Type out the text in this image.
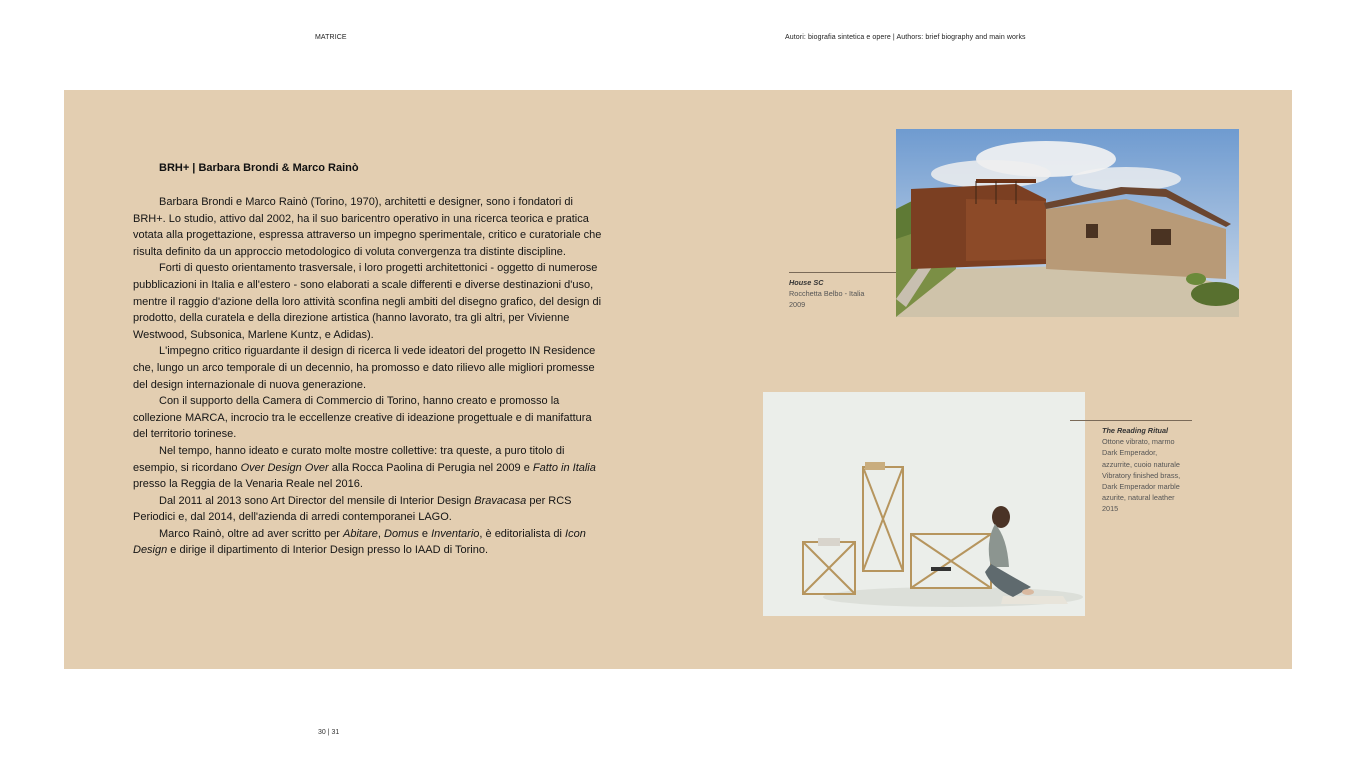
MATRICE	Autori: biografia sintetica e opere | Authors: brief biography and main works
BRH+ | Barbara Brondi & Marco Rainò

Barbara Brondi e Marco Rainò (Torino, 1970), architetti e designer, sono i fondatori di BRH+. Lo studio, attivo dal 2002, ha il suo baricentro operativo in una ricerca teorica e pratica votata alla progettazione, espressa attraverso un impegno sperimentale, critico e curatoriale che risulta definito da un approccio metodologico di voluta convergenza tra distinte discipline.

Forti di questo orientamento trasversale, i loro progetti architettonici - oggetto di numerose pubblicazioni in Italia e all'estero - sono elaborati a scale differenti e diverse destinazioni d'uso, mentre il raggio d'azione della loro attività sconfina negli ambiti del disegno grafico, del design di prodotto, della curatela e della direzione artistica (hanno lavorato, tra gli altri, per Vivienne Westwood, Subsonica, Marlene Kuntz, e Adidas).

L'impegno critico riguardante il design di ricerca li vede ideatori del progetto IN Residence che, lungo un arco temporale di un decennio, ha promosso e dato rilievo alle migliori promesse del design internazionale di nuova generazione.

Con il supporto della Camera di Commercio di Torino, hanno creato e promosso la collezione MARCA, incrocio tra le eccellenze creative di ideazione progettuale e di manifattura del territorio torinese.

Nel tempo, hanno ideato e curato molte mostre collettive: tra queste, a puro titolo di esempio, si ricordano Over Design Over alla Rocca Paolina di Perugia nel 2009 e Fatto in Italia presso la Reggia de la Venaria Reale nel 2016.

Dal 2011 al 2013 sono Art Director del mensile di Interior Design Bravacasa per RCS Periodici e, dal 2014, dell'azienda di arredi contemporanei LAGO.

Marco Rainò, oltre ad aver scritto per Abitare, Domus e Inventario, è editorialista di Icon Design e dirige il dipartimento di Interior Design presso lo IAAD di Torino.

House SC
Rocchetta Belbo - Italia
2009
The Reading Ritual
Ottone vibrato, marmo
Dark Emperador,
azzurrite, cuoio naturale
Vibratory finished brass,
Dark Emperador marble
azurite, natural leather
2015
30 | 31
